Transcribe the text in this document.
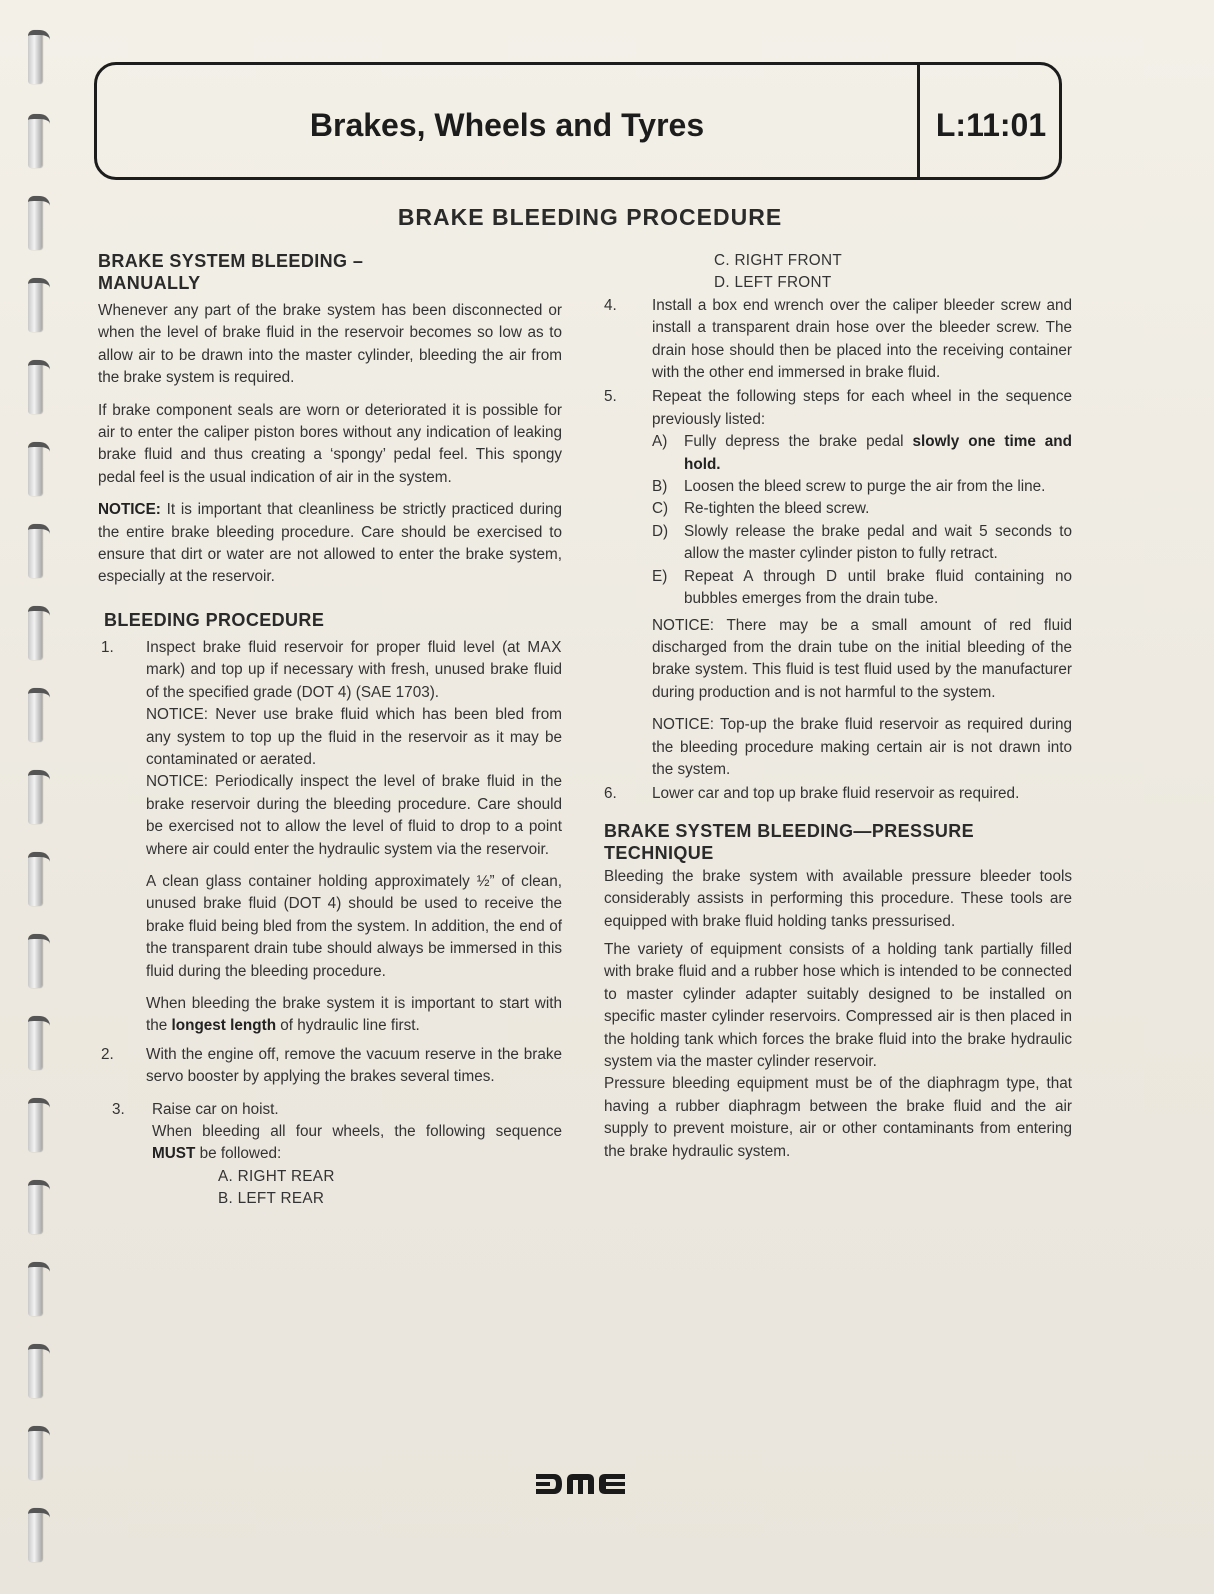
Brakes, Wheels and Tyres	L:11:01
BRAKE BLEEDING PROCEDURE
BRAKE SYSTEM BLEEDING –
MANUALLY

Whenever any part of the brake system has been disconnected or when the level of brake fluid in the reservoir becomes so low as to allow air to be drawn into the master cylinder, bleeding the air from the brake system is required.

If brake component seals are worn or deteriorated it is possible for air to enter the caliper piston bores without any indication of leaking brake fluid and thus creating a ‘spongy’ pedal feel. This spongy pedal feel is the usual indication of air in the system.

NOTICE: It is important that cleanliness be strictly practiced during the entire brake bleeding procedure. Care should be exercised to ensure that dirt or water are not allowed to enter the brake system, especially at the reservoir.

BLEEDING PROCEDURE
1. Inspect brake fluid reservoir for proper fluid level (at MAX mark) and top up if necessary with fresh, unused brake fluid of the specified grade (DOT 4) (SAE 1703).

NOTICE: Never use brake fluid which has been bled from any system to top up the fluid in the reservoir as it may be contaminated or aerated.

NOTICE: Periodically inspect the level of brake fluid in the brake reservoir during the bleeding procedure. Care should be exercised not to allow the level of fluid to drop to a point where air could enter the hydraulic system via the reservoir.

A clean glass container holding approximately ½” of clean, unused brake fluid (DOT 4) should be used to receive the brake fluid being bled from the system. In addition, the end of the transparent drain tube should always be immersed in this fluid during the bleeding procedure.

When bleeding the brake system it is important to start with the longest length of hydraulic line first.

2. With the engine off, remove the vacuum reserve in the brake servo booster by applying the brakes several times.

3. Raise car on hoist.

When bleeding all four wheels, the following sequence MUST be followed:

A. RIGHT REAR
B. LEFT REAR
C. RIGHT FRONT
D. LEFT FRONT
4. Install a box end wrench over the caliper bleeder screw and install a transparent drain hose over the bleeder screw. The drain hose should then be placed into the receiving container with the other end immersed in brake fluid.

5. Repeat the following steps for each wheel in the sequence previously listed:

A) Fully depress the brake pedal slowly one time and hold.

B) Loosen the bleed screw to purge the air from the line.

C) Re-tighten the bleed screw.

D) Slowly release the brake pedal and wait 5 seconds to allow the master cylinder piston to fully retract.

E) Repeat A through D until brake fluid containing no bubbles emerges from the drain tube.

NOTICE: There may be a small amount of red fluid discharged from the drain tube on the initial bleeding of the brake system. This fluid is test fluid used by the manufacturer during production and is not harmful to the system.

NOTICE: Top-up the brake fluid reservoir as required during the bleeding procedure making certain air is not drawn into the system.

6. Lower car and top up brake fluid reservoir as required.

BRAKE SYSTEM BLEEDING—PRESSURE
TECHNIQUE

Bleeding the brake system with available pressure bleeder tools considerably assists in performing this procedure. These tools are equipped with brake fluid holding tanks pressurised.

The variety of equipment consists of a holding tank partially filled with brake fluid and a rubber hose which is intended to be connected to master cylinder adapter suitably designed to be installed on specific master cylinder reservoirs. Compressed air is then placed in the holding tank which forces the brake fluid into the brake hydraulic system via the master cylinder reservoir.

Pressure bleeding equipment must be of the diaphragm type, that having a rubber diaphragm between the brake fluid and the air supply to prevent moisture, air or other contaminants from entering the brake hydraulic system.
